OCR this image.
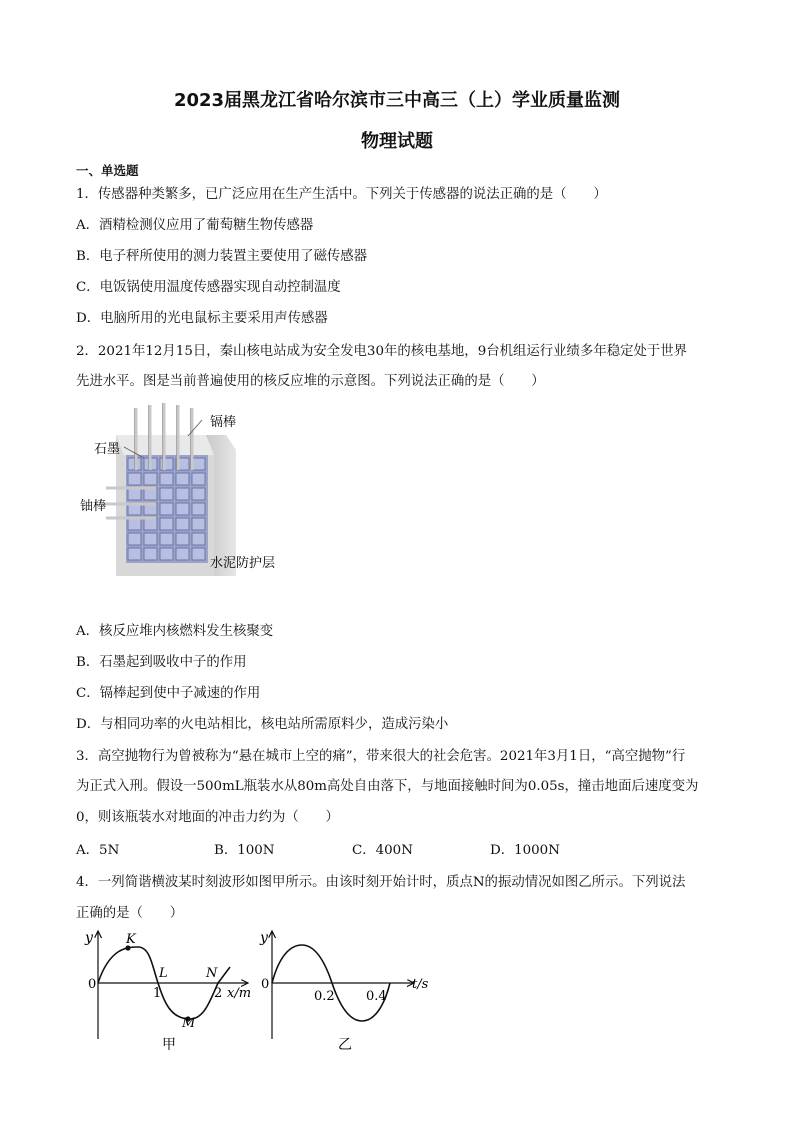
2023届黑龙江省哈尔滨市三中高三（上）学业质量监测
物理试题
一、单选题
1．传感器种类繁多，已广泛应用在生产生活中。下列关于传感器的说法正确的是（　　）
A．酒精检测仪应用了葡萄糖生物传感器
B．电子秤所使用的测力装置主要使用了磁传感器
C．电饭锅使用温度传感器实现自动控制温度
D．电脑所用的光电鼠标主要采用声传感器
2．2021年12月15日，秦山核电站成为安全发电30年的核电基地，9台机组运行业绩多年稳定处于世界
先进水平。图是当前普遍使用的核反应堆的示意图。下列说法正确的是（　　）
镉棒
石墨
铀棒
水泥防护层
A．核反应堆内核燃料发生核聚变
B．石墨起到吸收中子的作用
C．镉棒起到使中子减速的作用
D．与相同功率的火电站相比，核电站所需原料少，造成污染小
3．高空抛物行为曾被称为“悬在城市上空的痛”，带来很大的社会危害。2021年3月1日，“高空抛物”行
为正式入刑。假设一500mL瓶装水从80m高处自由落下，与地面接触时间为0.05s，撞击地面后速度变为
0，则该瓶装水对地面的冲击力约为（　　）
A．5N	B．100N	C．400N	D．1000N
4．一列简谐横波某时刻波形如图甲所示。由该时刻开始计时，质点N的振动情况如图乙所示。下列说法
正确的是（　　）
y
0
K
L	N
M
1	2 x/m
甲
y
0
0.2 0.4
t/s
乙
